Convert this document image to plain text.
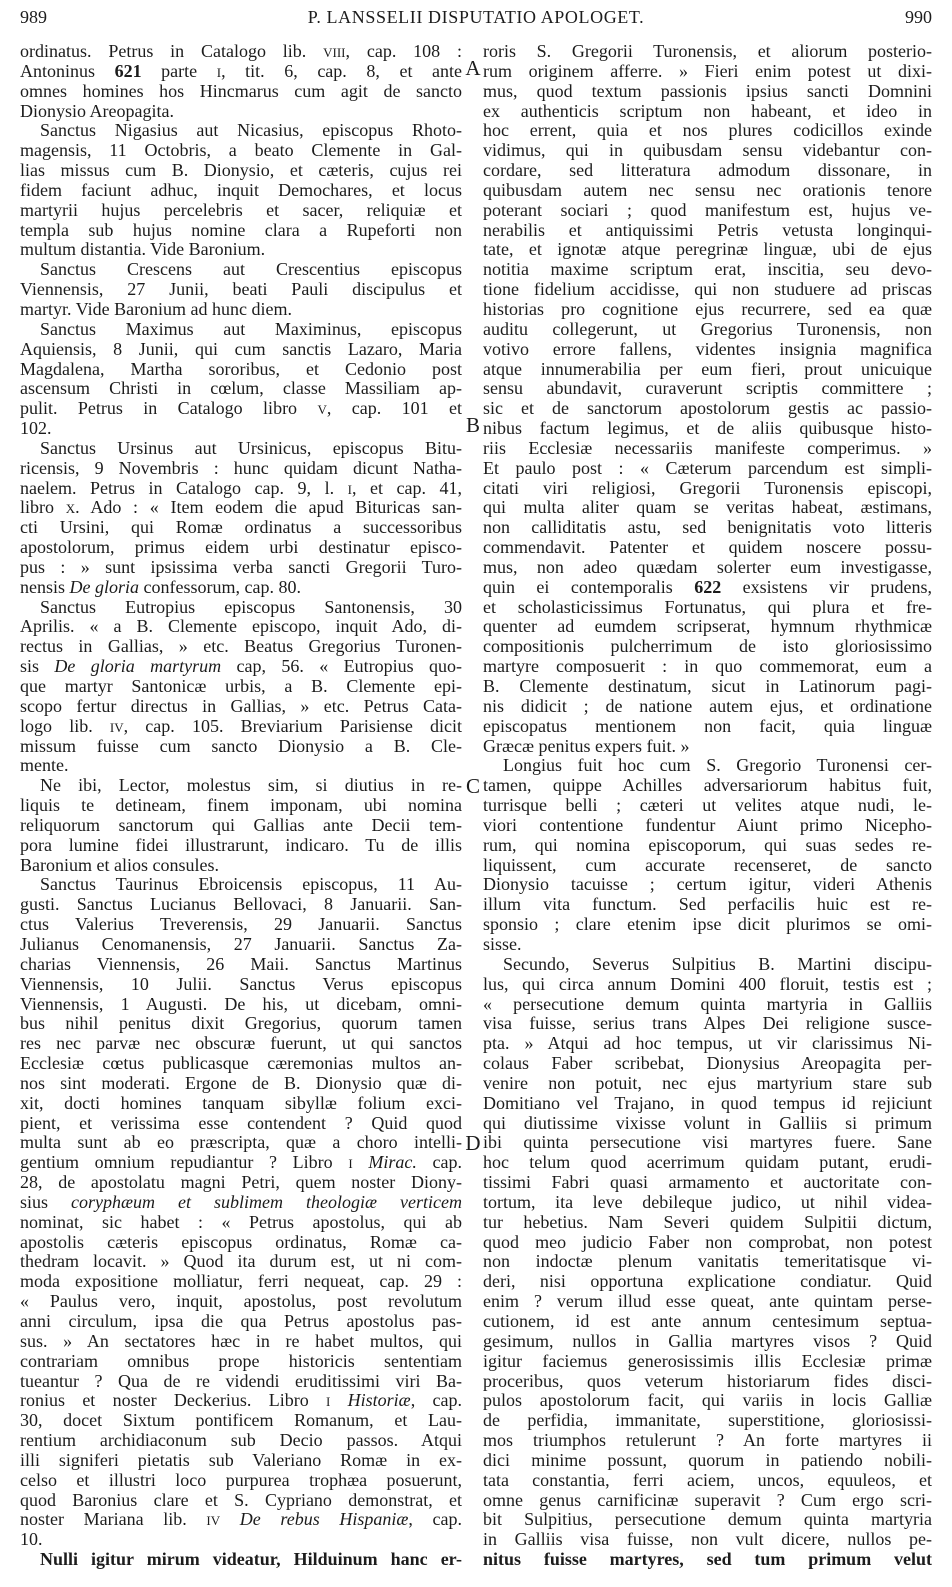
989	P. LANSSELII DISPUTATIO APOLOGET.	990
ordinatus. Petrus in Catalogo lib. viii, cap. 108 :
Antoninus 621 parte i, tit. 6, cap. 8, et ante
omnes homines hos Hincmarus cum agit de sancto
Dionysio Areopagita.
Sanctus Nigasius aut Nicasius, episcopus Rhoto-
magensis, 11 Octobris, a beato Clemente in Gal-
lias missus cum B. Dionysio, et cæteris, cujus rei
fidem faciunt adhuc, inquit Demochares, et locus
martyrii hujus percelebris et sacer, reliquiæ et
templa sub hujus nomine clara a Rupeforti non
multum distantia. Vide Baronium.
Sanctus Crescens aut Crescentius episcopus
Viennensis, 27 Junii, beati Pauli discipulus et
martyr. Vide Baronium ad hunc diem.
Sanctus Maximus aut Maximinus, episcopus
Aquiensis, 8 Junii, qui cum sanctis Lazaro, Maria
Magdalena, Martha sororibus, et Cedonio post
ascensum Christi in cœlum, classe Massiliam ap-
pulit. Petrus in Catalogo libro v, cap. 101 et
102.
Sanctus Ursinus aut Ursinicus, episcopus Bitu-
ricensis, 9 Novembris : hunc quidam dicunt Natha-
naelem. Petrus in Catalogo cap. 9, l. i, et cap. 41,
libro x. Ado : « Item eodem die apud Bituricas san-
cti Ursini, qui Romæ ordinatus a successoribus
apostolorum, primus eidem urbi destinatur episco-
pus : » sunt ipsissima verba sancti Gregorii Turo-
nensis De gloria confessorum, cap. 80.
Sanctus Eutropius episcopus Santonensis, 30
Aprilis. « a B. Clemente episcopo, inquit Ado, di-
rectus in Gallias, » etc. Beatus Gregorius Turonen-
sis De gloria martyrum cap, 56. « Eutropius quo-
que martyr Santonicæ urbis, a B. Clemente epi-
scopo fertur directus in Gallias, » etc. Petrus Cata-
logo lib. iv, cap. 105. Breviarium Parisiense dicit
missum fuisse cum sancto Dionysio a B. Cle-
mente.
Ne ibi, Lector, molestus sim, si diutius in re-
liquis te detineam, finem imponam, ubi nomina
reliquorum sanctorum qui Gallias ante Decii tem-
pora lumine fidei illustrarunt, indicaro. Tu de illis
Baronium et alios consules.
Sanctus Taurinus Ebroicensis episcopus, 11 Au-
gusti. Sanctus Lucianus Bellovaci, 8 Januarii. San-
ctus Valerius Treverensis, 29 Januarii. Sanctus
Julianus Cenomanensis, 27 Januarii. Sanctus Za-
charias Viennensis, 26 Maii. Sanctus Martinus
Viennensis, 10 Julii. Sanctus Verus episcopus
Viennensis, 1 Augusti. De his, ut dicebam, omni-
bus nihil penitus dixit Gregorius, quorum tamen
res nec parvæ nec obscuræ fuerunt, ut qui sanctos
Ecclesiæ cœtus publicasque cæremonias multos an-
nos sint moderati. Ergone de B. Dionysio quæ di-
xit, docti homines tanquam sibyllæ folium exci-
pient, et verissima esse contendent ? Quid quod
multa sunt ab eo præscripta, quæ a choro intelli-
gentium omnium repudiantur ? Libro i Mirac. cap.
28, de apostolatu magni Petri, quem noster Diony-
sius coryphæum et sublimem theologiæ verticem
nominat, sic habet : « Petrus apostolus, qui ab
apostolis cæteris episcopus ordinatus, Romæ ca-
thedram locavit. » Quod ita durum est, ut ni com-
moda expositione molliatur, ferri nequeat, cap. 29 :
« Paulus vero, inquit, apostolus, post revolutum
anni circulum, ipsa die qua Petrus apostolus pas-
sus. » An sectatores hæc in re habet multos, qui
contrariam omnibus prope historicis sententiam
tueantur ? Qua de re videndi eruditissimi viri Ba-
ronius et noster Deckerius. Libro i Historiæ, cap.
30, docet Sixtum pontificem Romanum, et Lau-
rentium archidiaconum sub Decio passos. Atqui
illi signiferi pietatis sub Valeriano Romæ in ex-
celso et illustri loco purpurea trophæa posuerunt,
quod Baronius clare et S. Cypriano demonstrat, et
noster Mariana lib. iv De rebus Hispaniæ, cap.
10.
Nulli igitur mirum videatur, Hilduinum hanc er-
A
B
C
D
roris S. Gregorii Turonensis, et aliorum posterio-
rum originem afferre. » Fieri enim potest ut dixi-
mus, quod textum passionis ipsius sancti Domnini
ex authenticis scriptum non habeant, et ideo in
hoc errent, quia et nos plures codicillos exinde
vidimus, qui in quibusdam sensu videbantur con-
cordare, sed litteratura admodum dissonare, in
quibusdam autem nec sensu nec orationis tenore
poterant sociari ; quod manifestum est, hujus ve-
nerabilis et antiquissimi Petris vetusta longinqui-
tate, et ignotæ atque peregrinæ linguæ, ubi de ejus
notitia maxime scriptum erat, inscitia, seu devo-
tione fidelium accidisse, qui non studuere ad priscas
historias pro cognitione ejus recurrere, sed ea quæ
auditu collegerunt, ut Gregorius Turonensis, non
votivo errore fallens, videntes insignia magnifica
atque innumerabilia per eum fieri, prout unicuique
sensu abundavit, curaverunt scriptis committere ;
sic et de sanctorum apostolorum gestis ac passio-
nibus factum legimus, et de aliis quibusque histo-
riis Ecclesiæ necessariis manifeste comperimus. »
Et paulo post : « Cæterum parcendum est simpli-
citati viri religiosi, Gregorii Turonensis episcopi,
qui multa aliter quam se veritas habeat, æstimans,
non calliditatis astu, sed benignitatis voto litteris
commendavit. Patenter et quidem noscere possu-
mus, non adeo quædam solerter eum investigasse,
quin ei contemporalis 622 exsistens vir prudens,
et scholasticissimus Fortunatus, qui plura et fre-
quenter ad eumdem scripserat, hymnum rhythmicæ
compositionis pulcherrimum de isto gloriosissimo
martyre composuerit : in quo commemorat, eum a
B. Clemente destinatum, sicut in Latinorum pagi-
nis didicit ; de natione autem ejus, et ordinatione
episcopatus mentionem non facit, quia linguæ
Græcæ penitus expers fuit. »
Longius fuit hoc cum S. Gregorio Turonensi cer-
tamen, quippe Achilles adversariorum habitus fuit,
turrisque belli ; cæteri ut velites atque nudi, le-
viori contentione fundentur Aiunt primo Nicepho-
rum, qui nomina episcoporum, qui suas sedes re-
liquissent, cum accurate recenseret, de sancto
Dionysio tacuisse ; certum igitur, videri Athenis
illum vita functum. Sed perfacilis huic est re-
sponsio ; clare etenim ipse dicit plurimos se omi-
sisse.
Secundo, Severus Sulpitius B. Martini discipu-
lus, qui circa annum Domini 400 floruit, testis est ;
« persecutione demum quinta martyria in Galliis
visa fuisse, serius trans Alpes Dei religione susce-
pta. » Atqui ad hoc tempus, ut vir clarissimus Ni-
colaus Faber scribebat, Dionysius Areopagita per-
venire non potuit, nec ejus martyrium stare sub
Domitiano vel Trajano, in quod tempus id rejiciunt
qui diutissime vixisse volunt in Galliis si primum
ibi quinta persecutione visi martyres fuere. Sane
hoc telum quod acerrimum quidam putant, erudi-
tissimi Fabri quasi armamento et auctoritate con-
tortum, ita leve debileque judico, ut nihil videa-
tur hebetius. Nam Severi quidem Sulpitii dictum,
quod meo judicio Faber non comprobat, non potest
non indoctæ plenum vanitatis temeritatisque vi-
deri, nisi opportuna explicatione condiatur. Quid
enim ? verum illud esse queat, ante quintam perse-
cutionem, id est ante annum centesimum septua-
gesimum, nullos in Gallia martyres visos ? Quid
igitur faciemus generosissimis illis Ecclesiæ primæ
proceribus, quos veterum historiarum fides disci-
pulos apostolorum facit, qui variis in locis Galliæ
de perfidia, immanitate, superstitione, gloriosissi-
mos triumphos retulerunt ? An forte martyres ii
dici minime possunt, quorum in patiendo nobili-
tata constantia, ferri aciem, uncos, equuleos, et
omne genus carnificinæ superavit ? Cum ergo scri-
bit Sulpitius, persecutione demum quinta martyria
in Galliis visa fuisse, non vult dicere, nullos pe-
nitus fuisse martyres, sed tum primum velut
